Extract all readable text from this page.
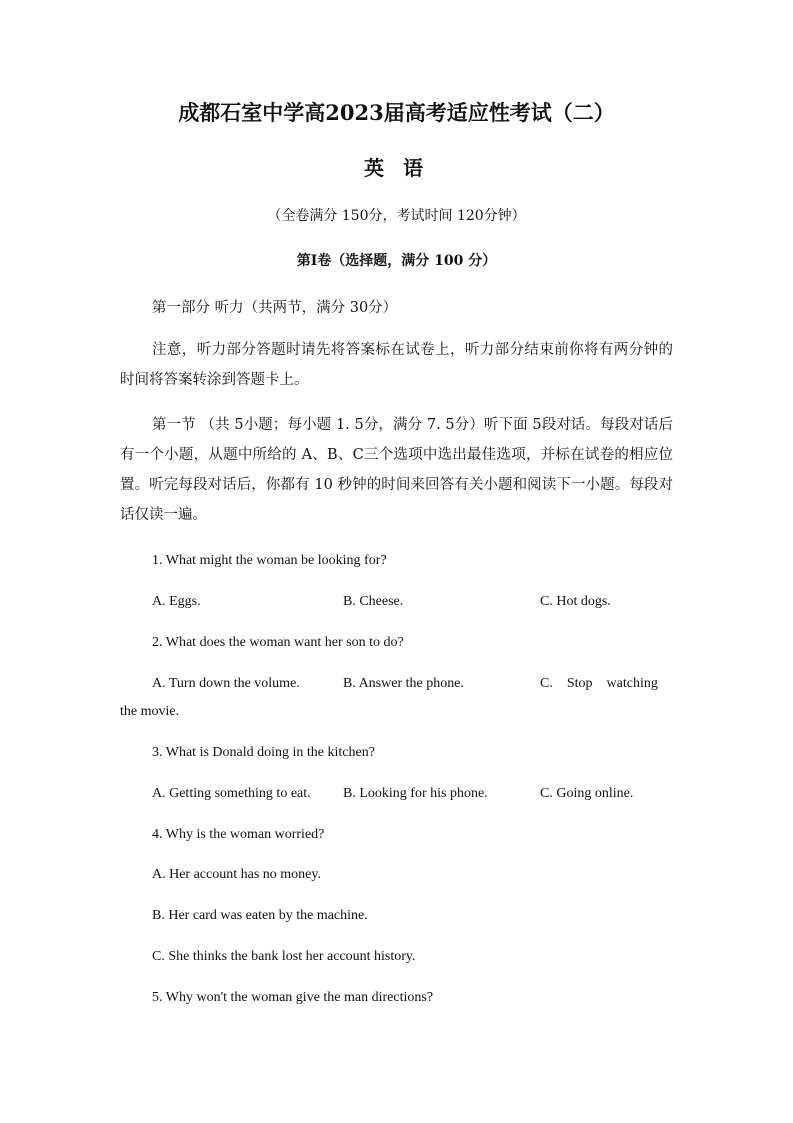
成都石室中学高2023届高考适应性考试（二）
英 语
（全卷满分 150分，考试时间 120分钟）
第Ⅰ卷（选择题，满分 100 分）
第一部分 听力（共两节，满分 30分）
注意，听力部分答题时请先将答案标在试卷上，听力部分结束前你将有两分钟的时间将答案转涂到答题卡上。
第一节 （共 5小题；每小题 1. 5分，满分 7. 5分）听下面 5段对话。每段对话后有一个小题，从题中所给的 A、B、C三个选项中选出最佳选项，并标在试卷的相应位置。听完每段对话后，你都有 10 秒钟的时间来回答有关小题和阅读下一小题。每段对话仅读一遍。
1. What might the woman be looking for?
A. Eggs.	B. Cheese.	C. Hot dogs.
2. What does the woman want her son to do?
A. Turn down the volume.	B. Answer the phone.	C.    Stop    watching
the movie.
3. What is Donald doing in the kitchen?
A. Getting something to eat. B. Looking for his phone.	C. Going online.
4. Why is the woman worried?
A. Her account has no money.
B. Her card was eaten by the machine.
C. She thinks the bank lost her account history.
5. Why won't the woman give the man directions?
